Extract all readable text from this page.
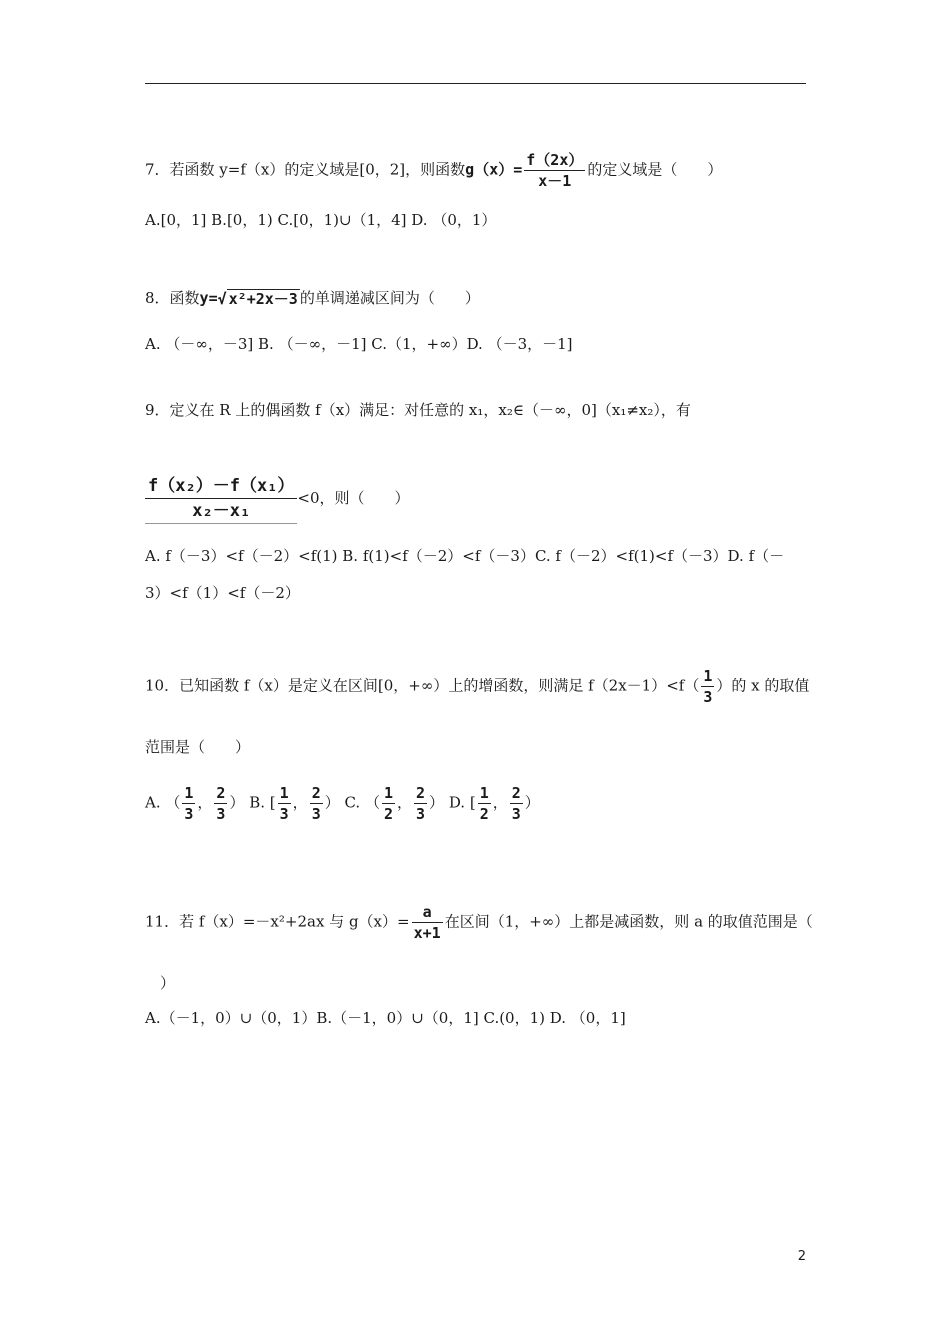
7．若函数 y=f（x）的定义域是[0，2]，则函数$g(x)= \frac{f(2x)}{x-1}$ 的定义域是（　　）
A.[0，1] B.[0，1) C.[0，1)∪（1，4] D. （0，1）
8．函数y=√ x²+2x－3 的单调递减区间为（　　）
A. （－∞，－3] B. （－∞，－1] C.（1，+∞）D. （－3，－1]
9．定义在 R 上的偶函数 f（x）满足：对任意的 x₁，x₂∈（－∞，0]（x₁≠x₂），有
$\frac{\text{f（x₂）－f（x₁）}}{\text{x₂－x₁}} <0$，则（　　）
A. f（－3）<f（－2）<f(1) B. f(1)<f（－2）<f（－3）C. f（－2）<f(1)<f（－3）D. f（－
3）<f（1）<f（－2）
10．已知函数 f（x）是定义在区间[0，+∞）上的增函数，则满足 $f(2x-1)<f( \frac{1}{3}$ ）的 x 的取值
范围是（　　）
A. （ $\frac{1}{3}$ ， $\frac{2}{3}$ ） B. [ $\frac{1}{3}$ ， $\frac{2}{3}$ ） C. （ $\frac{1}{2}$ ， $\frac{2}{3}$ ） D. [ $\frac{1}{2}$ ， $\frac{2}{3}$ ）
11．若 f（x）=－x²+2ax 与 $g(x)= \frac{a}{x+1}$ 在区间（1，+∞）上都是减函数，则 a 的取值范围是（
）
A.（－1，0）∪（0，1）B.（－1，0）∪（0，1] C.(0，1) D. （0，1]
2
